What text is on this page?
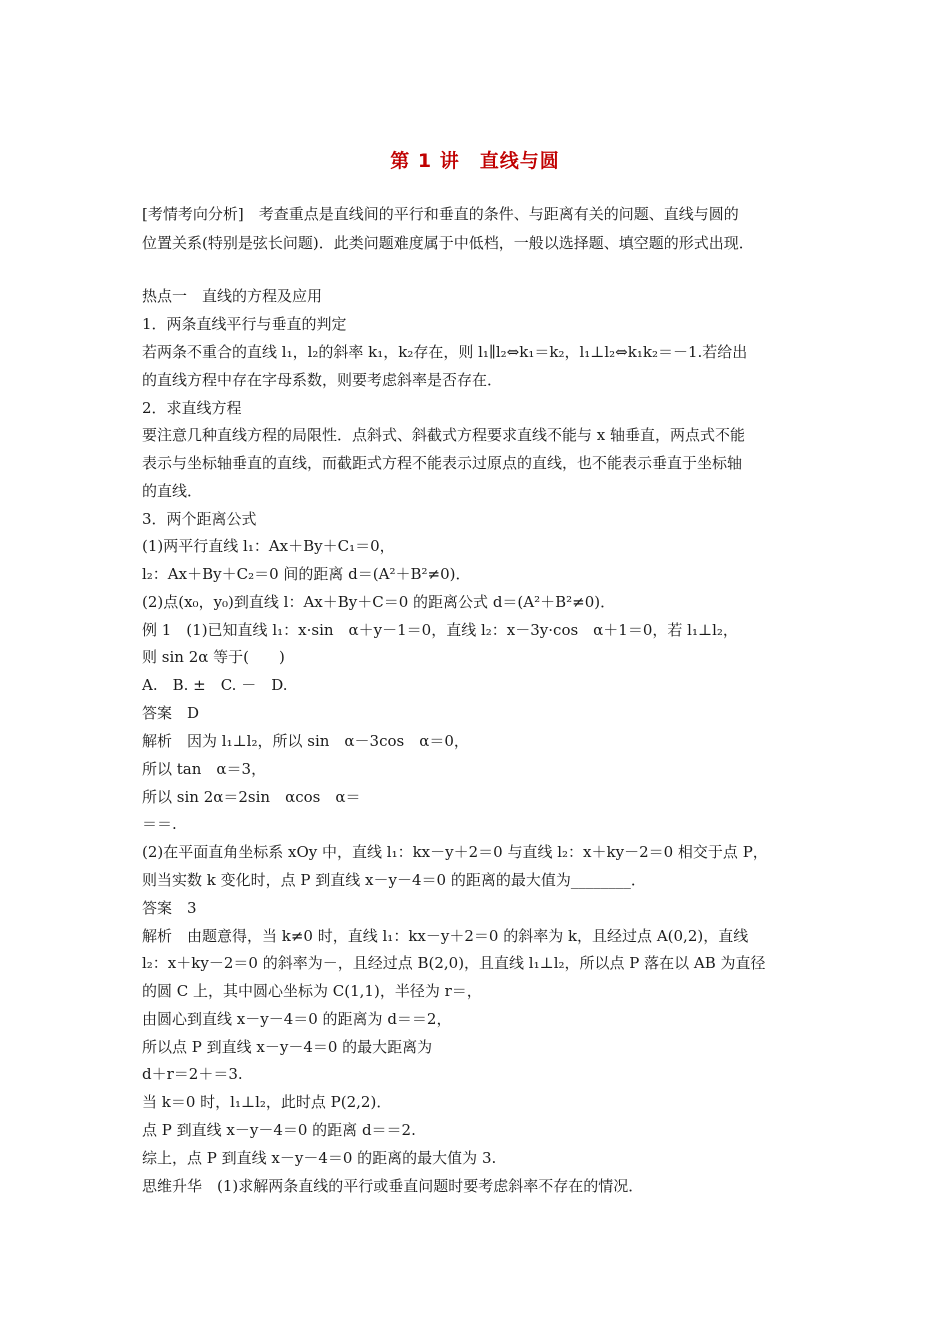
第 1 讲　直线与圆
[考情考向分析]　考查重点是直线间的平行和垂直的条件、与距离有关的问题、直线与圆的
位置关系(特别是弦长问题)．此类问题难度属于中低档，一般以选择题、填空题的形式出现．
热点一　直线的方程及应用
1．两条直线平行与垂直的判定
若两条不重合的直线 l₁，l₂的斜率 k₁，k₂存在，则 l₁∥l₂⇔k₁＝k₂，l₁⊥l₂⇔k₁k₂＝－1.若给出
的直线方程中存在字母系数，则要考虑斜率是否存在．
2．求直线方程
要注意几种直线方程的局限性．点斜式、斜截式方程要求直线不能与 x 轴垂直，两点式不能
表示与坐标轴垂直的直线，而截距式方程不能表示过原点的直线，也不能表示垂直于坐标轴
的直线．
3．两个距离公式
(1)两平行直线 l₁：Ax＋By＋C₁＝0，
l₂：Ax＋By＋C₂＝0 间的距离 d＝(A²＋B²≠0)．
(2)点(x₀，y₀)到直线 l：Ax＋By＋C＝0 的距离公式 d＝(A²＋B²≠0)．
例 1　(1)已知直线 l₁：x·sin　α＋y－1＝0，直线 l₂：x－3y·cos　α＋1＝0，若 l₁⊥l₂，
则 sin 2α 等于(　　)
A.　B. ±　C. －　D.
答案　D
解析　因为 l₁⊥l₂，所以 sin　α－3cos　α＝0，
所以 tan　α＝3，
所以 sin 2α＝2sin　αcos　α＝
＝＝.
(2)在平面直角坐标系 xOy 中，直线 l₁：kx－y＋2＝0 与直线 l₂：x＋ky－2＝0 相交于点 P，
则当实数 k 变化时，点 P 到直线 x－y－4＝0 的距离的最大值为________．
答案　3
解析　由题意得，当 k≠0 时，直线 l₁：kx－y＋2＝0 的斜率为 k，且经过点 A(0,2)，直线
l₂：x＋ky－2＝0 的斜率为－，且经过点 B(2,0)，且直线 l₁⊥l₂，所以点 P 落在以 AB 为直径
的圆 C 上，其中圆心坐标为 C(1,1)，半径为 r＝，
由圆心到直线 x－y－4＝0 的距离为 d＝＝2，
所以点 P 到直线 x－y－4＝0 的最大距离为
d＋r＝2＋＝3.
当 k＝0 时，l₁⊥l₂，此时点 P(2,2)．
点 P 到直线 x－y－4＝0 的距离 d＝＝2.
综上，点 P 到直线 x－y－4＝0 的距离的最大值为 3.
思维升华　(1)求解两条直线的平行或垂直问题时要考虑斜率不存在的情况．
